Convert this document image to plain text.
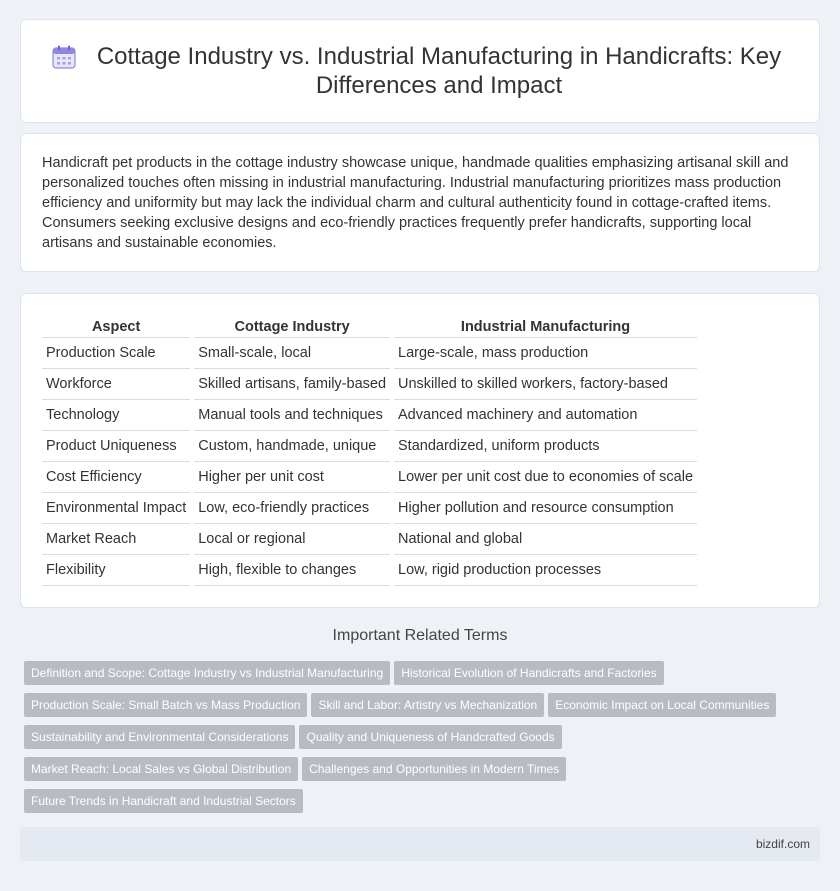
Cottage Industry vs. Industrial Manufacturing in Handicrafts: Key Differences and Impact

Handicraft pet products in the cottage industry showcase unique, handmade qualities emphasizing artisanal skill and personalized touches often missing in industrial manufacturing. Industrial manufacturing prioritizes mass production efficiency and uniformity but may lack the individual charm and cultural authenticity found in cottage-crafted items. Consumers seeking exclusive designs and eco-friendly practices frequently prefer handicrafts, supporting local artisans and sustainable economies.

Aspect	Cottage Industry	Industrial Manufacturing
Production Scale	Small-scale, local	Large-scale, mass production
Workforce	Skilled artisans, family-based	Unskilled to skilled workers, factory-based
Technology	Manual tools and techniques	Advanced machinery and automation
Product Uniqueness	Custom, handmade, unique	Standardized, uniform products
Cost Efficiency	Higher per unit cost	Lower per unit cost due to economies of scale
Environmental Impact	Low, eco-friendly practices	Higher pollution and resource consumption
Market Reach	Local or regional	National and global
Flexibility	High, flexible to changes	Low, rigid production processes
Important Related Terms
Definition and Scope: Cottage Industry vs Industrial Manufacturing Historical Evolution of Handicrafts and FactoriesProduction Scale: Small Batch vs Mass Production Skill and Labor: Artistry vs Mechanization Economic Impact on Local CommunitiesSustainability and Environmental Considerations Quality and Uniqueness of Handcrafted GoodsMarket Reach: Local Sales vs Global Distribution Challenges and Opportunities in Modern TimesFuture Trends in Handicraft and Industrial Sectors
bizdif.com
